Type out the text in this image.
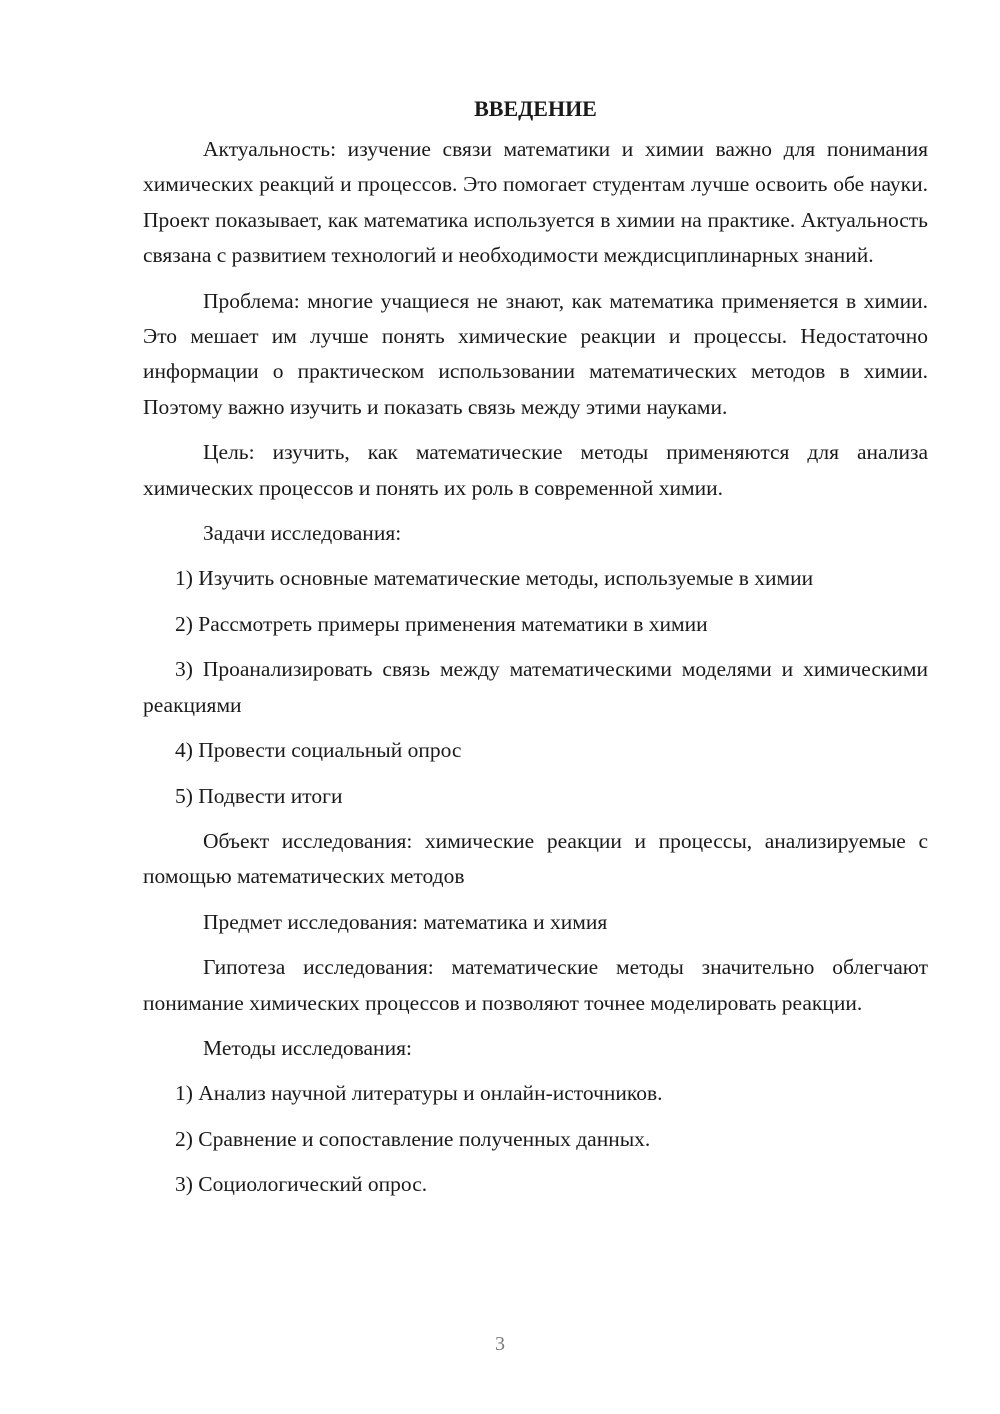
ВВЕДЕНИЕ

Актуальность: изучение связи математики и химии важно для понимания химических реакций и процессов. Это помогает студентам лучше освоить обе науки. Проект показывает, как математика используется в химии на практике. Актуальность связана с развитием технологий и необходимости междисциплинарных знаний.

Проблема: многие учащиеся не знают, как математика применяется в химии. Это мешает им лучше понять химические реакции и процессы. Недостаточно информации о практическом использовании математических методов в химии. Поэтому важно изучить и показать связь между этими науками.

Цель: изучить, как математические методы применяются для анализа химических процессов и понять их роль в современной химии.

Задачи исследования:

1) Изучить основные математические методы, используемые в химии

2) Рассмотреть примеры применения математики в химии

3) Проанализировать связь между математическими моделями и химическими реакциями

4) Провести социальный опрос

5) Подвести итоги

Объект исследования: химические реакции и процессы, анализируемые с помощью математических методов

Предмет исследования: математика и химия

Гипотеза исследования: математические методы значительно облегчают понимание химических процессов и позволяют точнее моделировать реакции.

Методы исследования:

1) Анализ научной литературы и онлайн-источников.

2) Сравнение и сопоставление полученных данных.

3) Социологический опрос.

3
